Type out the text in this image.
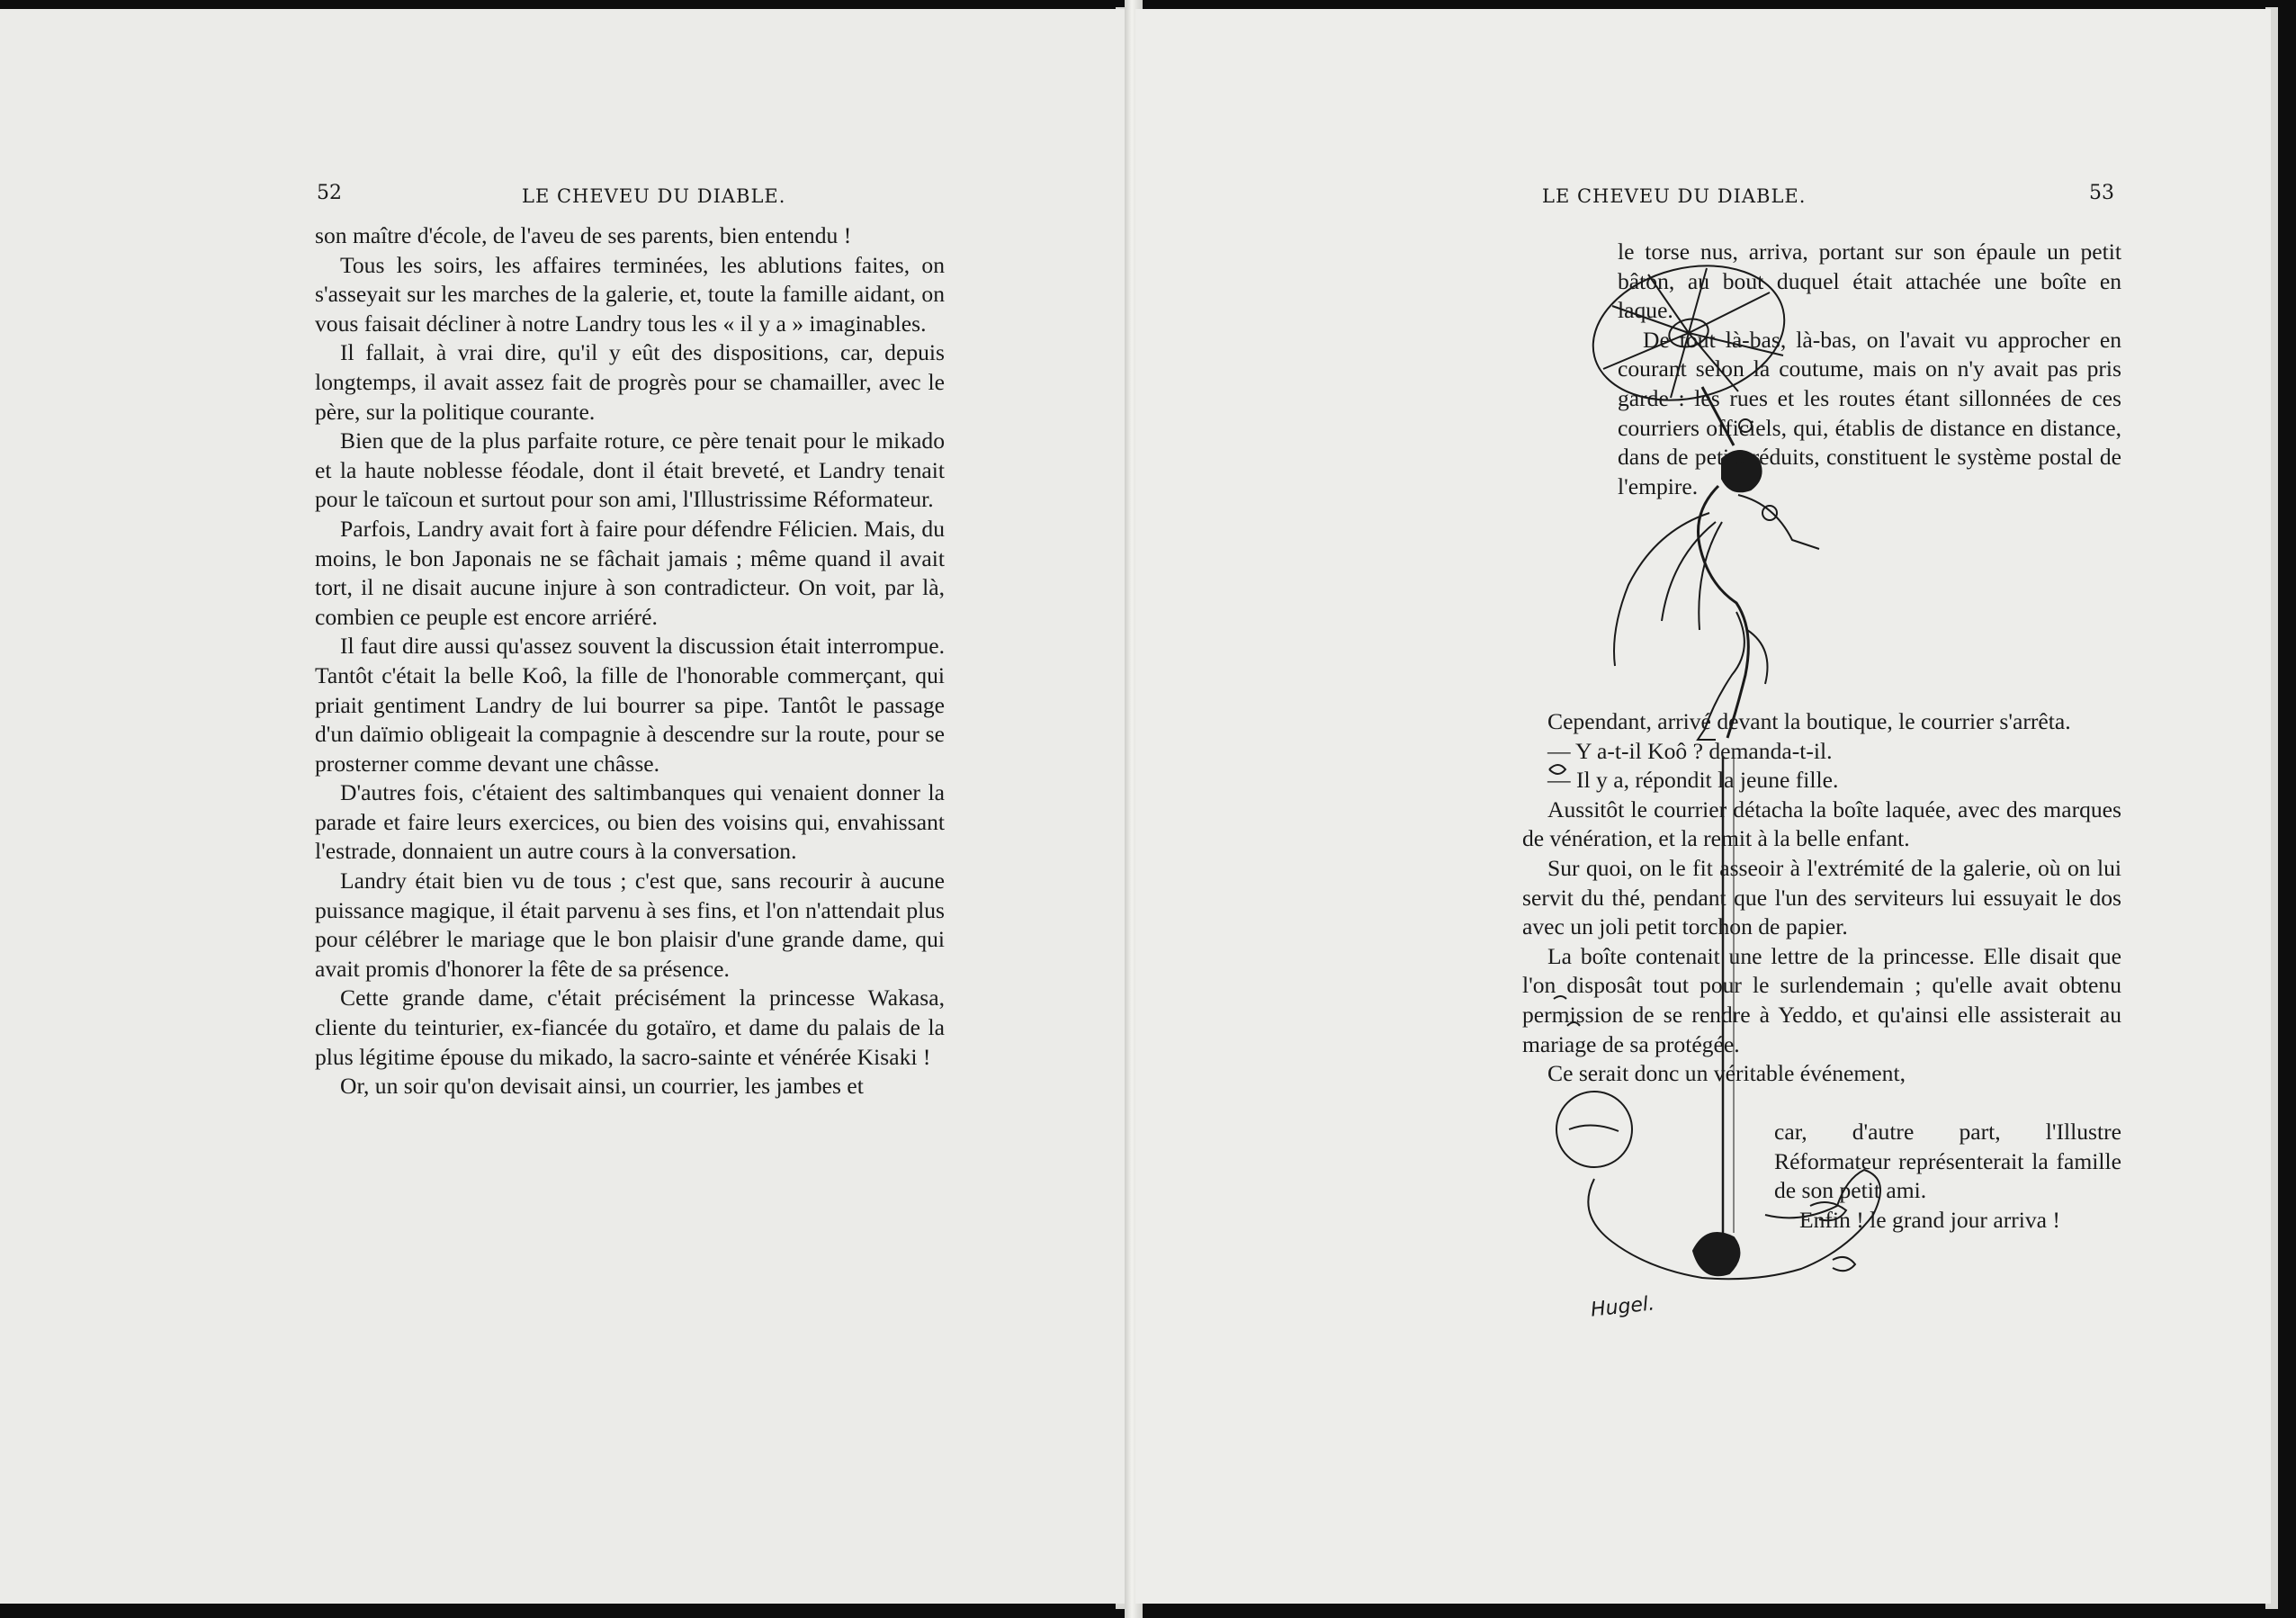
52	LE CHEVEU DU DIABLE.

son maître d'école, de l'aveu de ses parents, bien entendu !

Tous les soirs, les affaires terminées, les ablutions faites, on s'asseyait sur les marches de la galerie, et, toute la famille aidant, on vous faisait décliner à notre Landry tous les « il y a » imaginables.

Il fallait, à vrai dire, qu'il y eût des dispositions, car, depuis longtemps, il avait assez fait de progrès pour se chamailler, avec le père, sur la politique courante.

Bien que de la plus parfaite roture, ce père tenait pour le mikado et la haute noblesse féodale, dont il était breveté, et Landry tenait pour le taïcoun et surtout pour son ami, l'Illustrissime Réformateur.

Parfois, Landry avait fort à faire pour défendre Félicien. Mais, du moins, le bon Japonais ne se fâchait jamais ; même quand il avait tort, il ne disait aucune injure à son contradicteur. On voit, par là, combien ce peuple est encore arriéré.

Il faut dire aussi qu'assez souvent la discussion était interrompue. Tantôt c'était la belle Koô, la fille de l'honorable commerçant, qui priait gentiment Landry de lui bourrer sa pipe. Tantôt le passage d'un daïmio obligeait la compagnie à descendre sur la route, pour se prosterner comme devant une châsse.

D'autres fois, c'étaient des saltimbanques qui venaient donner la parade et faire leurs exercices, ou bien des voisins qui, envahissant l'estrade, donnaient un autre cours à la conversation.

Landry était bien vu de tous ; c'est que, sans recourir à aucune puissance magique, il était parvenu à ses fins, et l'on n'attendait plus pour célébrer le mariage que le bon plaisir d'une grande dame, qui avait promis d'honorer la fête de sa présence.

Cette grande dame, c'était précisément la princesse Wakasa, cliente du teinturier, ex-fiancée du gotaïro, et dame du palais de la plus légitime épouse du mikado, la sacro-sainte et vénérée Kisaki !

Or, un soir qu'on devisait ainsi, un courrier, les jambes et

LE CHEVEU DU DIABLE.	53
Hugel.

le torse nus, arriva, portant sur son épaule un petit bâton, au bout duquel était attachée une boîte en laque.

De tout là-bas, là-bas, on l'avait vu approcher en courant selon la coutume, mais on n'y avait pas pris garde : les rues et les routes étant sillonnées de ces courriers officiels, qui, établis de distance en distance, dans de petits réduits, constituent le système postal de l'empire.

Cependant, arrivé devant la boutique, le courrier s'arrêta.

— Y a-t-il Koô ? demanda-t-il.

— Il y a, répondit la jeune fille.

Aussitôt le courrier détacha la boîte laquée, avec des marques de vénération, et la remit à la belle enfant.

Sur quoi, on le fit asseoir à l'extrémité de la galerie, où on lui servit du thé, pendant que l'un des serviteurs lui essuyait le dos avec un joli petit torchon de papier.

La boîte contenait une lettre de la princesse. Elle disait que l'on disposât tout pour le surlendemain ; qu'elle avait obtenu permission de se rendre à Yeddo, et qu'ainsi elle assisterait au mariage de sa protégée.

Ce serait donc un véritable événement,

car, d'autre part, l'Illustre Réformateur représenterait la famille de son petit ami.

Enfin ! le grand jour arriva !
